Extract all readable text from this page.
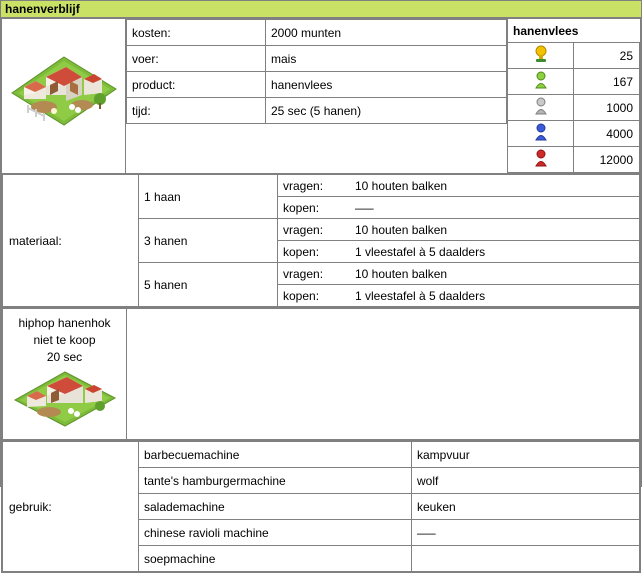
hanenverblijf
kosten:	2000 munten
voer:	mais
product:	hanenvlees
tijd:	25 sec (5 hanen)
hanenvlees
	25
	167
	1000
	4000
	12000

materiaal:	1 haan	
vragen:	10 houten balken

kopen:	—–

3 hanen	
vragen:	10 houten balken

kopen:	1 vleestafel à 5 daalders

5 hanen	
vragen:	10 houten balken

kopen:	1 vleestafel à 5 daalders

hiphop hanenhok
niet te koop
20 sec

gebruik:	barbecuemachine	kampvuur
tante's hamburgermachine	wolf
salademachine	keuken
chinese ravioli machine	—–
soepmachine	
